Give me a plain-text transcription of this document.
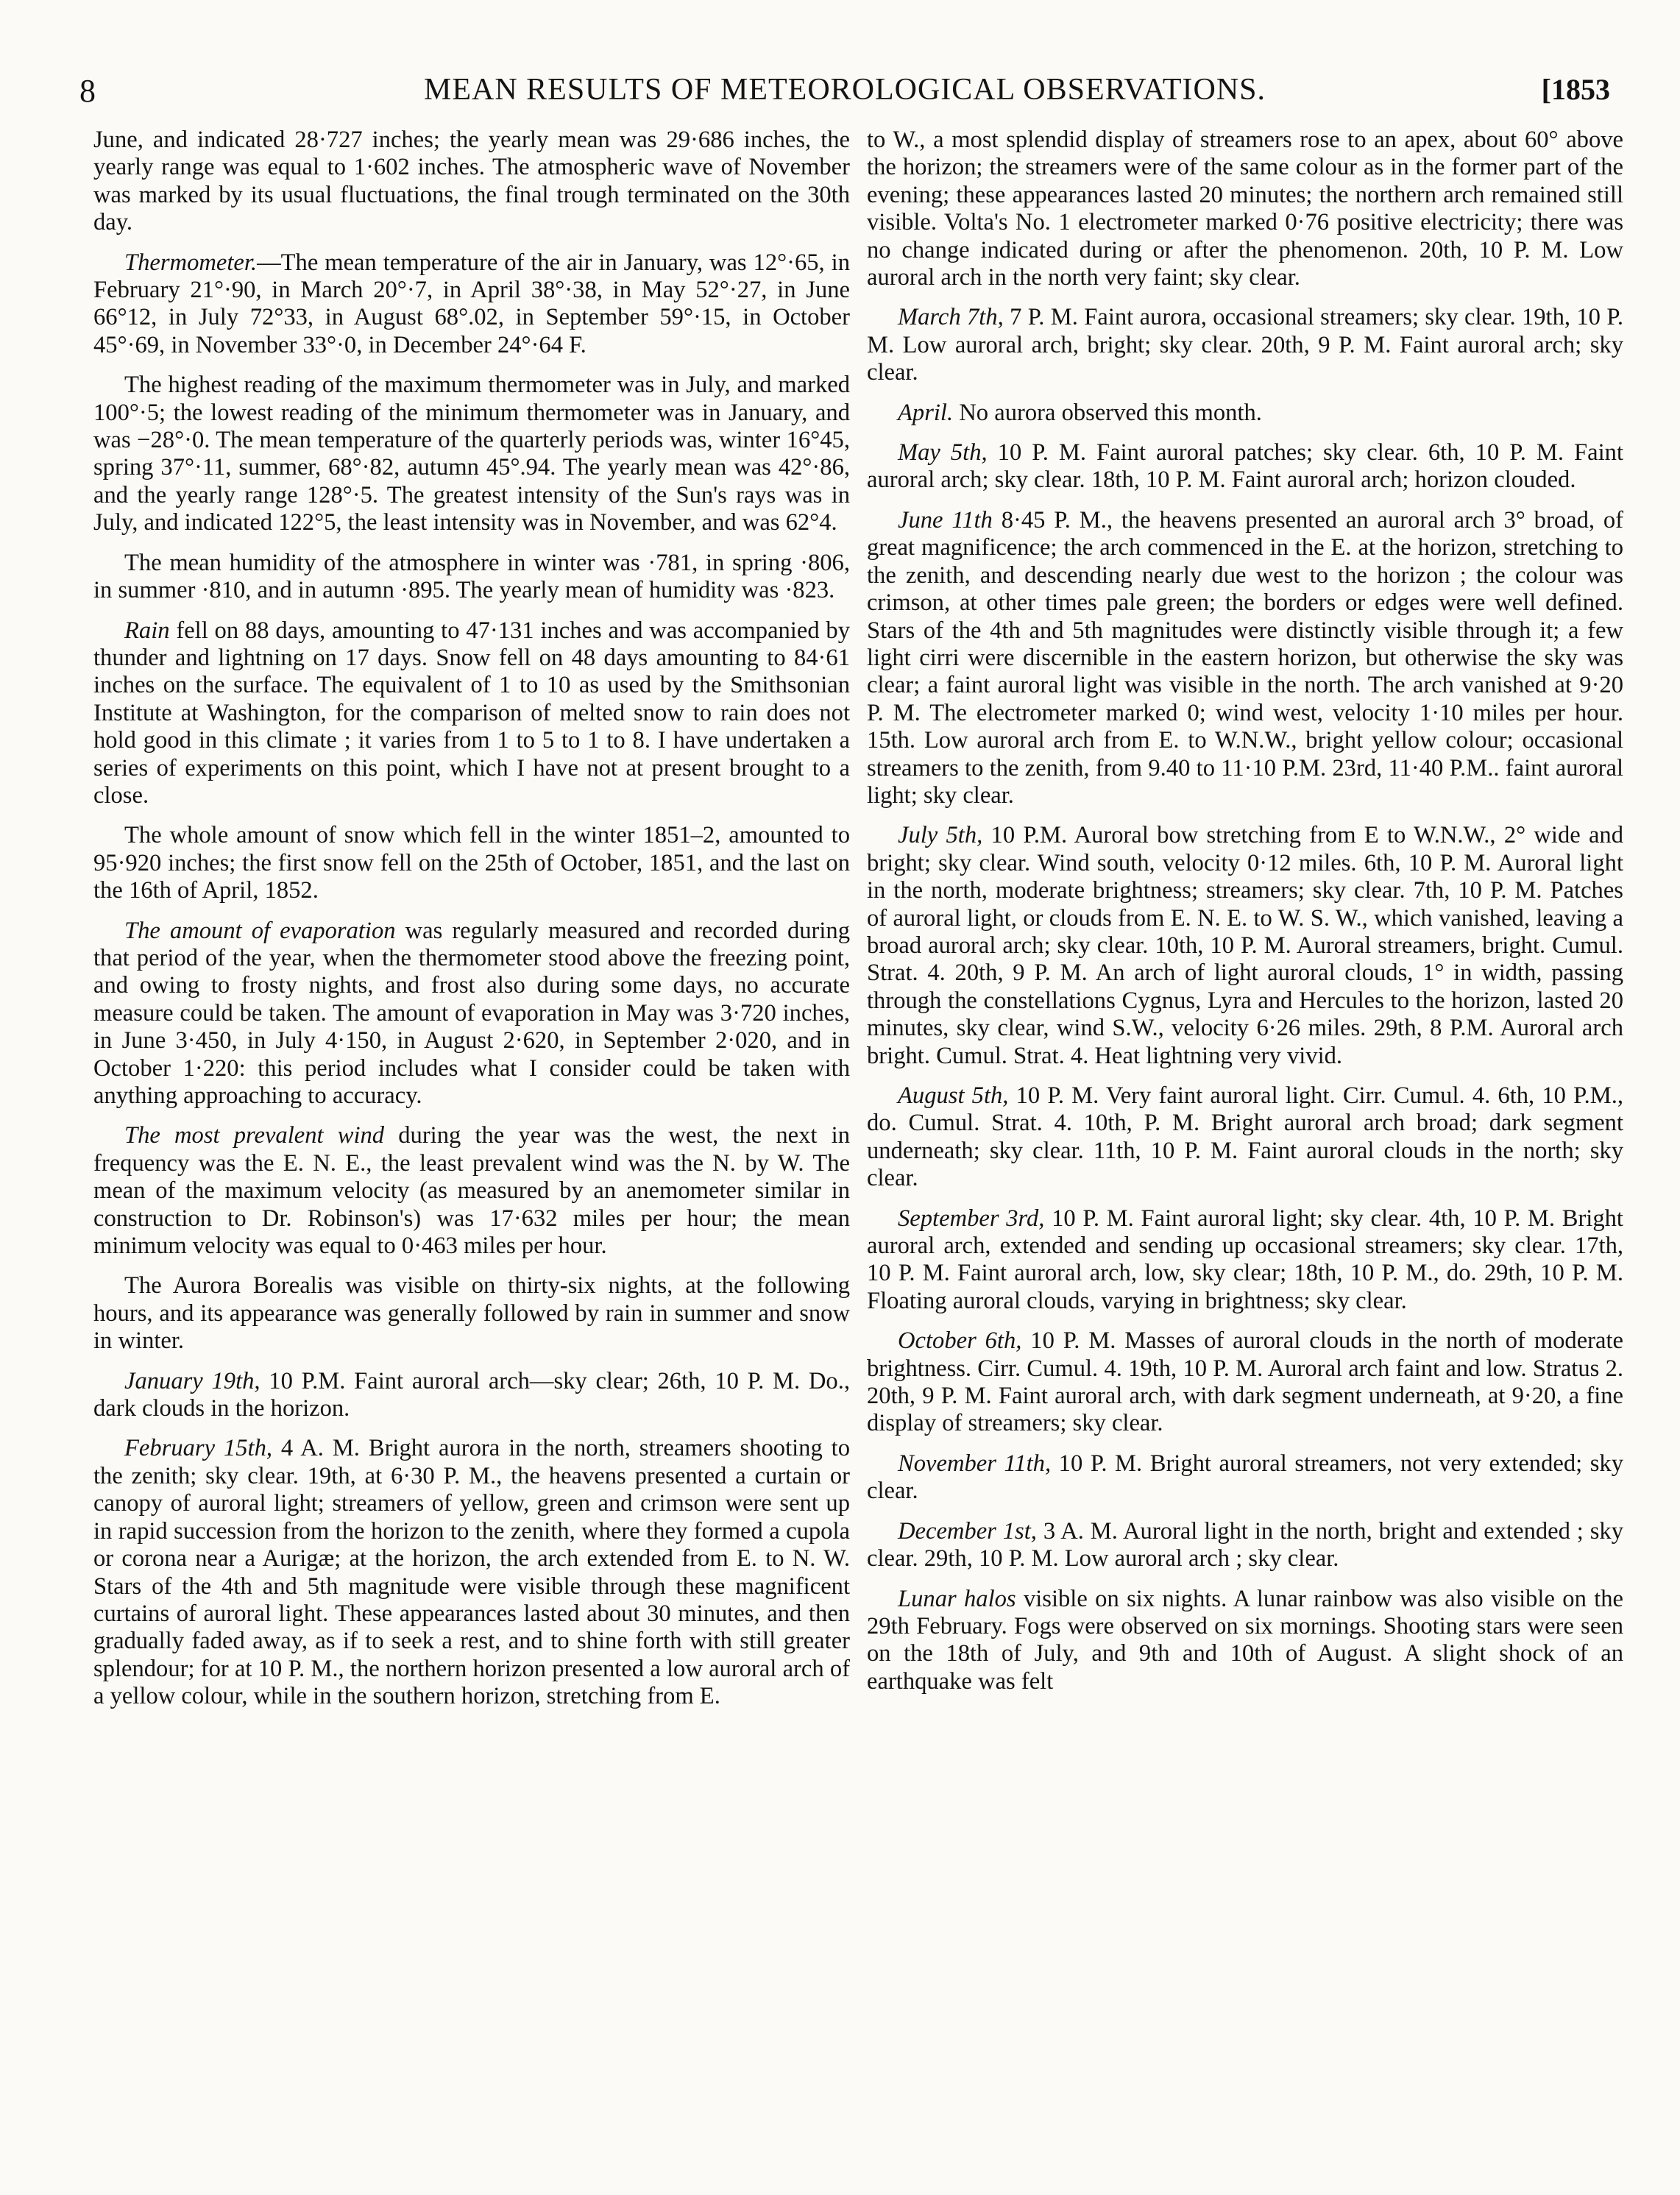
8	MEAN RESULTS OF METEOROLOGICAL OBSERVATIONS.	[1853

June, and indicated 28·727 inches; the yearly mean was 29·686 inches, the yearly range was equal to 1·602 inches. The atmospheric wave of November was marked by its usual fluctuations, the final trough terminated on the 30th day.

Thermometer.—The mean temperature of the air in January, was 12°·65, in February 21°·90, in March 20°·7, in April 38°·38, in May 52°·27, in June 66°12, in July 72°33, in August 68°.02, in September 59°·15, in October 45°·69, in November 33°·0, in December 24°·64 F.

The highest reading of the maximum thermometer was in July, and marked 100°·5; the lowest reading of the minimum thermometer was in January, and was −28°·0. The mean temperature of the quarterly periods was, winter 16°45, spring 37°·11, summer, 68°·82, autumn 45°.94. The yearly mean was 42°·86, and the yearly range 128°·5. The greatest intensity of the Sun's rays was in July, and indicated 122°5, the least intensity was in November, and was 62°4.

The mean humidity of the atmosphere in winter was ·781, in spring ·806, in summer ·810, and in autumn ·895. The yearly mean of humidity was ·823.

Rain fell on 88 days, amounting to 47·131 inches and was accompanied by thunder and lightning on 17 days. Snow fell on 48 days amounting to 84·61 inches on the surface. The equivalent of 1 to 10 as used by the Smithsonian Institute at Washington, for the comparison of melted snow to rain does not hold good in this climate ; it varies from 1 to 5 to 1 to 8. I have undertaken a series of experiments on this point, which I have not at present brought to a close.

The whole amount of snow which fell in the winter 1851–2, amounted to 95·920 inches; the first snow fell on the 25th of October, 1851, and the last on the 16th of April, 1852.

The amount of evaporation was regularly measured and recorded during that period of the year, when the thermometer stood above the freezing point, and owing to frosty nights, and frost also during some days, no accurate measure could be taken. The amount of evaporation in May was 3·720 inches, in June 3·450, in July 4·150, in August 2·620, in September 2·020, and in October 1·220: this period includes what I consider could be taken with anything approaching to accuracy.

The most prevalent wind during the year was the west, the next in frequency was the E. N. E., the least prevalent wind was the N. by W. The mean of the maximum velocity (as measured by an anemometer similar in construction to Dr. Robinson's) was 17·632 miles per hour; the mean minimum velocity was equal to 0·463 miles per hour.

The Aurora Borealis was visible on thirty-six nights, at the following hours, and its appearance was generally followed by rain in summer and snow in winter.

January 19th, 10 P.M. Faint auroral arch—sky clear; 26th, 10 P. M. Do., dark clouds in the horizon.

February 15th, 4 A. M. Bright aurora in the north, streamers shooting to the zenith; sky clear. 19th, at 6·30 P. M., the heavens presented a curtain or canopy of auroral light; streamers of yellow, green and crimson were sent up in rapid succession from the horizon to the zenith, where they formed a cupola or corona near a Aurigæ; at the horizon, the arch extended from E. to N. W. Stars of the 4th and 5th magnitude were visible through these magnificent curtains of auroral light. These appearances lasted about 30 minutes, and then gradually faded away, as if to seek a rest, and to shine forth with still greater splendour; for at 10 P. M., the northern horizon presented a low auroral arch of a yellow colour, while in the southern horizon, stretching from E.

to W., a most splendid display of streamers rose to an apex, about 60° above the horizon; the streamers were of the same colour as in the former part of the evening; these appearances lasted 20 minutes; the northern arch remained still visible. Volta's No. 1 electrometer marked 0·76 positive electricity; there was no change indicated during or after the phenomenon. 20th, 10 P. M. Low auroral arch in the north very faint; sky clear.

March 7th, 7 P. M. Faint aurora, occasional streamers; sky clear. 19th, 10 P. M. Low auroral arch, bright; sky clear. 20th, 9 P. M. Faint auroral arch; sky clear.

April. No aurora observed this month.

May 5th, 10 P. M. Faint auroral patches; sky clear. 6th, 10 P. M. Faint auroral arch; sky clear. 18th, 10 P. M. Faint auroral arch; horizon clouded.

June 11th 8·45 P. M., the heavens presented an auroral arch 3° broad, of great magnificence; the arch commenced in the E. at the horizon, stretching to the zenith, and descending nearly due west to the horizon ; the colour was crimson, at other times pale green; the borders or edges were well defined. Stars of the 4th and 5th magnitudes were distinctly visible through it; a few light cirri were discernible in the eastern horizon, but otherwise the sky was clear; a faint auroral light was visible in the north. The arch vanished at 9·20 P. M. The electrometer marked 0; wind west, velocity 1·10 miles per hour. 15th. Low auroral arch from E. to W.N.W., bright yellow colour; occasional streamers to the zenith, from 9.40 to 11·10 P.M. 23rd, 11·40 P.M.. faint auroral light; sky clear.

July 5th, 10 P.M. Auroral bow stretching from E to W.N.W., 2° wide and bright; sky clear. Wind south, velocity 0·12 miles. 6th, 10 P. M. Auroral light in the north, moderate brightness; streamers; sky clear. 7th, 10 P. M. Patches of auroral light, or clouds from E. N. E. to W. S. W., which vanished, leaving a broad auroral arch; sky clear. 10th, 10 P. M. Auroral streamers, bright. Cumul. Strat. 4. 20th, 9 P. M. An arch of light auroral clouds, 1° in width, passing through the constellations Cygnus, Lyra and Hercules to the horizon, lasted 20 minutes, sky clear, wind S.W., velocity 6·26 miles. 29th, 8 P.M. Auroral arch bright. Cumul. Strat. 4. Heat lightning very vivid.

August 5th, 10 P. M. Very faint auroral light. Cirr. Cumul. 4. 6th, 10 P.M., do. Cumul. Strat. 4. 10th, P. M. Bright auroral arch broad; dark segment underneath; sky clear. 11th, 10 P. M. Faint auroral clouds in the north; sky clear.

September 3rd, 10 P. M. Faint auroral light; sky clear. 4th, 10 P. M. Bright auroral arch, extended and sending up occasional streamers; sky clear. 17th, 10 P. M. Faint auroral arch, low, sky clear; 18th, 10 P. M., do. 29th, 10 P. M. Floating auroral clouds, varying in brightness; sky clear.

October 6th, 10 P. M. Masses of auroral clouds in the north of moderate brightness. Cirr. Cumul. 4. 19th, 10 P. M. Auroral arch faint and low. Stratus 2. 20th, 9 P. M. Faint auroral arch, with dark segment underneath, at 9·20, a fine display of streamers; sky clear.

November 11th, 10 P. M. Bright auroral streamers, not very extended; sky clear.

December 1st, 3 A. M. Auroral light in the north, bright and extended ; sky clear. 29th, 10 P. M. Low auroral arch ; sky clear.

Lunar halos visible on six nights. A lunar rainbow was also visible on the 29th February. Fogs were observed on six mornings. Shooting stars were seen on the 18th of July, and 9th and 10th of August. A slight shock of an earthquake was felt
